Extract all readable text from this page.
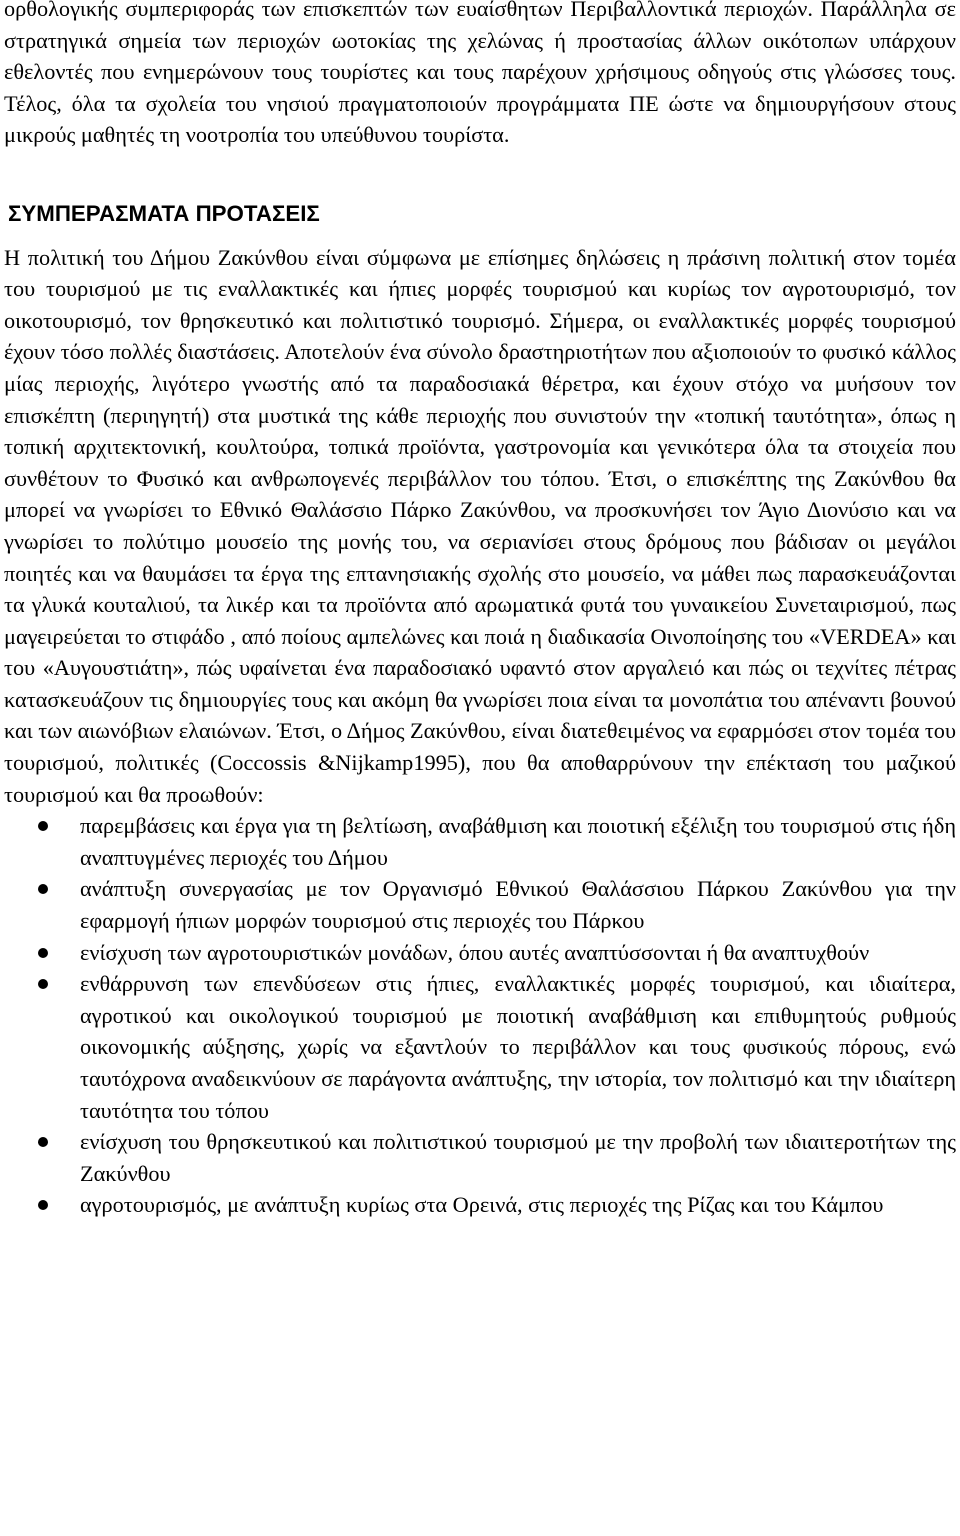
ορθολογικής συμπεριφοράς των επισκεπτών των ευαίσθητων Περιβαλλοντικά περιοχών. Παράλληλα σε στρατηγικά σημεία των περιοχών ωοτοκίας της χελώνας ή προστασίας άλλων οικότοπων υπάρχουν εθελοντές που ενημερώνουν τους τουρίστες και τους παρέχουν χρήσιμους οδηγούς στις γλώσσες τους. Τέλος, όλα τα σχολεία του νησιού πραγματοποιούν προγράμματα ΠΕ ώστε να δημιουργήσουν στους μικρούς μαθητές τη νοοτροπία του υπεύθυνου τουρίστα.

ΣΥΜΠΕΡΑΣΜΑΤΑ ΠΡΟΤΑΣΕΙΣ

Η πολιτική του Δήμου Ζακύνθου είναι σύμφωνα με επίσημες δηλώσεις η πράσινη πολιτική στον τομέα του τουρισμού με τις εναλλακτικές και ήπιες μορφές τουρισμού και κυρίως τον αγροτουρισμό, τον οικοτουρισμό, τον θρησκευτικό και πολιτιστικό τουρισμό. Σήμερα, οι εναλλακτικές μορφές τουρισμού έχουν τόσο πολλές διαστάσεις. Αποτελούν ένα σύνολο δραστηριοτήτων που αξιοποιούν το φυσικό κάλλος μίας περιοχής, λιγότερο γνωστής από τα παραδοσιακά θέρετρα, και έχουν στόχο να μυήσουν τον επισκέπτη (περιηγητή) στα μυστικά της κάθε περιοχής που συνιστούν την «τοπική ταυτότητα», όπως η τοπική αρχιτεκτονική, κουλτούρα, τοπικά προϊόντα, γαστρονομία και γενικότερα όλα τα στοιχεία που συνθέτουν το Φυσικό και ανθρωπογενές περιβάλλον του τόπου. Έτσι, ο επισκέπτης της Ζακύνθου θα μπορεί να γνωρίσει το Εθνικό Θαλάσσιο Πάρκο Ζακύνθου, να προσκυνήσει τον Άγιο Διονύσιο και να γνωρίσει το πολύτιμο μουσείο της μονής του, να σεριανίσει στους δρόμους που βάδισαν οι μεγάλοι ποιητές και να θαυμάσει τα έργα της επτανησιακής σχολής στο μουσείο, να μάθει πως παρασκευάζονται τα γλυκά κουταλιού, τα λικέρ και τα προϊόντα από αρωματικά φυτά του γυναικείου Συνεταιρισμού, πως μαγειρεύεται το στιφάδο , από ποίους αμπελώνες και ποιά η διαδικασία Οινοποίησης του «VERDEA» και του «Αυγουστιάτη», πώς υφαίνεται ένα παραδοσιακό υφαντό στον αργαλειό και πώς οι τεχνίτες πέτρας κατασκευάζουν τις δημιουργίες τους και ακόμη θα γνωρίσει ποια είναι τα μονοπάτια του απέναντι βουνού και των αιωνόβιων ελαιώνων. Έτσι, ο Δήμος Ζακύνθου, είναι διατεθειμένος να εφαρμόσει στον τομέα του τουρισμού, πολιτικές (Coccossis &Nijkamp1995), που θα αποθαρρύνουν την επέκταση του μαζικού τουρισμού και θα προωθούν:

παρεμβάσεις και έργα για τη βελτίωση, αναβάθμιση και ποιοτική εξέλιξη του τουρισμού στις ήδη αναπτυγμένες περιοχές του Δήμου
ανάπτυξη συνεργασίας με τον Οργανισμό Εθνικού Θαλάσσιου Πάρκου Ζακύνθου για την εφαρμογή ήπιων μορφών τουρισμού στις περιοχές του Πάρκου
ενίσχυση των αγροτουριστικών μονάδων, όπου αυτές αναπτύσσονται ή θα αναπτυχθούν
ενθάρρυνση των επενδύσεων στις ήπιες, εναλλακτικές μορφές τουρισμού, και ιδιαίτερα, αγροτικού και οικολογικού τουρισμού με ποιοτική αναβάθμιση και επιθυμητούς ρυθμούς οικονομικής αύξησης, χωρίς να εξαντλούν το περιβάλλον και τους φυσικούς πόρους, ενώ ταυτόχρονα αναδεικνύουν σε παράγοντα ανάπτυξης, την ιστορία, τον πολιτισμό και την ιδιαίτερη ταυτότητα του τόπου
ενίσχυση του θρησκευτικού και πολιτιστικού τουρισμού με την προβολή των ιδιαιτεροτήτων της Ζακύνθου
αγροτουρισμός, με ανάπτυξη κυρίως στα Ορεινά, στις περιοχές της Ρίζας και του Κάμπου
